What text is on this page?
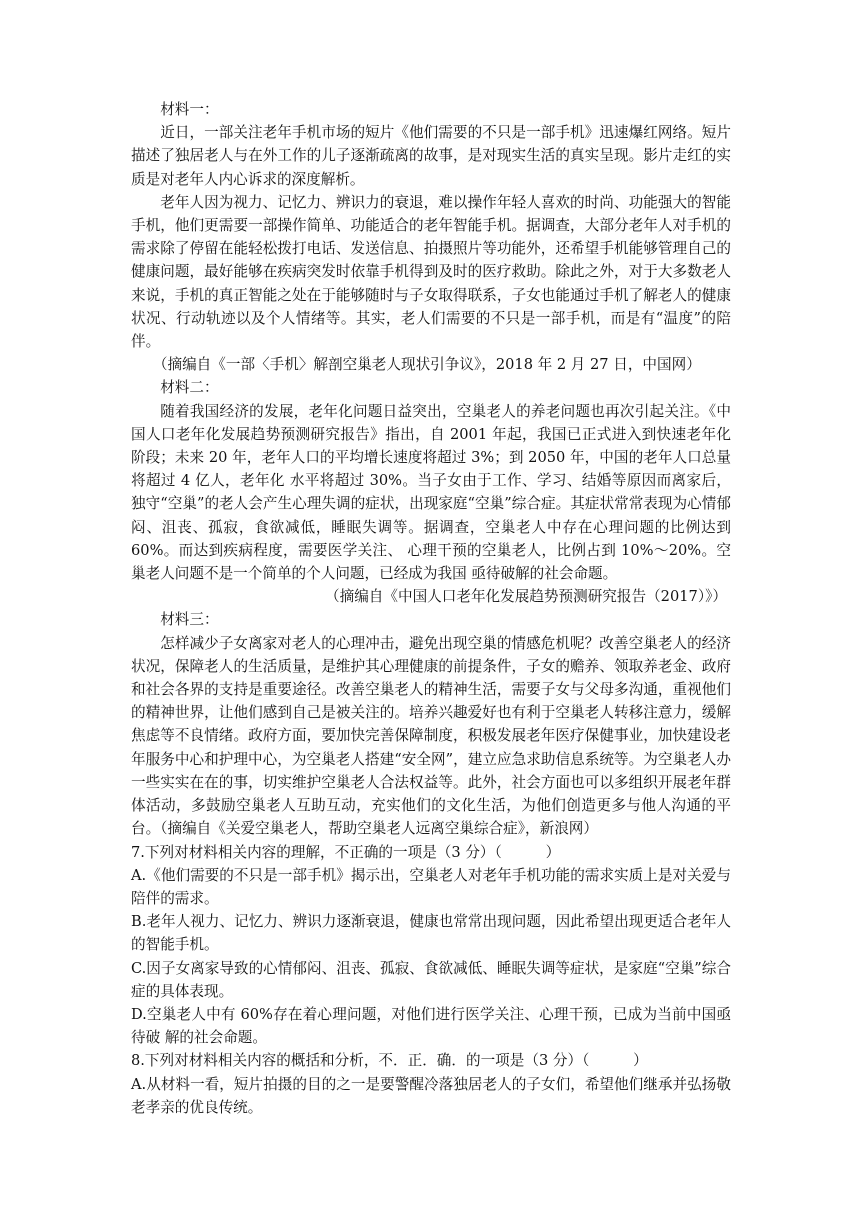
材料一：

近日，一部关注老年手机市场的短片《他们需要的不只是一部手机》迅速爆红网络。短片描述了独居老人与在外工作的儿子逐渐疏离的故事，是对现实生活的真实呈现。影片走红的实质是对老年人内心诉求的深度解析。

老年人因为视力、记忆力、辨识力的衰退，难以操作年轻人喜欢的时尚、功能强大的智能手机，他们更需要一部操作简单、功能适合的老年智能手机。据调查，大部分老年人对手机的需求除了停留在能轻松拨打电话、发送信息、拍摄照片等功能外，还希望手机能够管理自己的健康问题，最好能够在疾病突发时依靠手机得到及时的医疗救助。除此之外，对于大多数老人来说，手机的真正智能之处在于能够随时与子女取得联系，子女也能通过手机了解老人的健康状况、行动轨迹以及个人情绪等。其实，老人们需要的不只是一部手机，而是有“温度”的陪伴。

（摘编自《一部〈手机〉解剖空巢老人现状引争议》，2018 年 2 月 27 日，中国网）

材料二：

随着我国经济的发展，老年化问题日益突出，空巢老人的养老问题也再次引起关注。《中国人口老年化发展趋势预测研究报告》指出，自 2001 年起，我国已正式进入到快速老年化阶段；未来 20 年，老年人口的平均增长速度将超过 3%；到 2050 年，中国的老年人口总量将超过 4 亿人，老年化 水平将超过 30%。当子女由于工作、学习、结婚等原因而离家后，独守“空巢”的老人会产生心理失调的症状，出现家庭“空巢”综合症。其症状常常表现为心情郁闷、沮丧、孤寂，食欲减低，睡眠失调等。据调查，空巢老人中存在心理问题的比例达到 60%。而达到疾病程度，需要医学关注、 心理干预的空巢老人，比例占到 10%～20%。空巢老人问题不是一个简单的个人问题，已经成为我国 亟待破解的社会命题。

（摘编自《中国人口老年化发展趋势预测研究报告（2017）》）

材料三：

怎样减少子女离家对老人的心理冲击，避免出现空巢的情感危机呢？改善空巢老人的经济状况，保障老人的生活质量，是维护其心理健康的前提条件，子女的赡养、领取养老金、政府和社会各界的支持是重要途径。改善空巢老人的精神生活，需要子女与父母多沟通，重视他们的精神世界，让他们感到自己是被关注的。培养兴趣爱好也有利于空巢老人转移注意力，缓解焦虑等不良情绪。政府方面，要加快完善保障制度，积极发展老年医疗保健事业，加快建设老年服务中心和护理中心，为空巢老人搭建“安全网”，建立应急求助信息系统等。为空巢老人办一些实实在在的事，切实维护空巢老人合法权益等。此外，社会方面也可以多组织开展老年群体活动，多鼓励空巢老人互助互动，充实他们的文化生活，为他们创造更多与他人沟通的平台。（摘编自《关爱空巢老人，帮助空巢老人远离空巢综合症》，新浪网）

7.下列对材料相关内容的理解，不正确的一项是（3 分）（　　　）

A.《他们需要的不只是一部手机》揭示出，空巢老人对老年手机功能的需求实质上是对关爱与陪伴的需求。

B.老年人视力、记忆力、辨识力逐渐衰退，健康也常常出现问题，因此希望出现更适合老年人的智能手机。

C.因子女离家导致的心情郁闷、沮丧、孤寂、食欲减低、睡眠失调等症状，是家庭“空巢”综合症的具体表现。

D.空巢老人中有 60%存在着心理问题，对他们进行医学关注、心理干预，已成为当前中国亟待破 解的社会命题。

8.下列对材料相关内容的概括和分析，不．正．确．的一项是（3 分）（　　　）

A.从材料一看，短片拍摄的目的之一是要警醒冷落独居老人的子女们，希望他们继承并弘扬敬老孝亲的优良传统。
